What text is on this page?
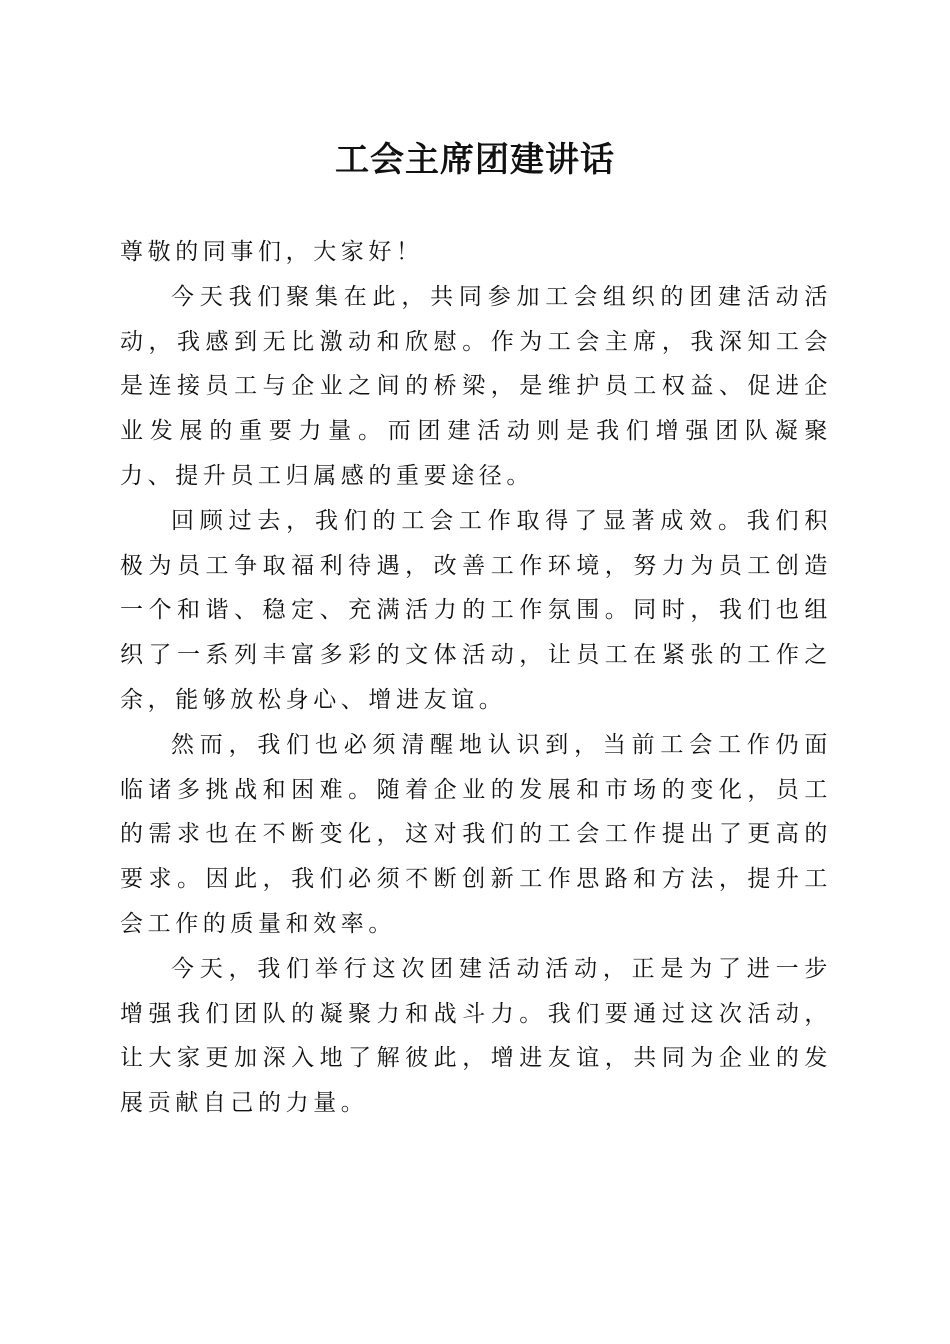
工会主席团建讲话

尊敬的同事们，大家好！

今天我们聚集在此，共同参加工会组织的团建活动活动，我感到无比激动和欣慰。作为工会主席，我深知工会是连接员工与企业之间的桥梁，是维护员工权益、促进企业发展的重要力量。而团建活动则是我们增强团队凝聚力、提升员工归属感的重要途径。

回顾过去，我们的工会工作取得了显著成效。我们积极为员工争取福利待遇，改善工作环境，努力为员工创造一个和谐、稳定、充满活力的工作氛围。同时，我们也组织了一系列丰富多彩的文体活动，让员工在紧张的工作之余，能够放松身心、增进友谊。

然而，我们也必须清醒地认识到，当前工会工作仍面临诸多挑战和困难。随着企业的发展和市场的变化，员工的需求也在不断变化，这对我们的工会工作提出了更高的要求。因此，我们必须不断创新工作思路和方法，提升工会工作的质量和效率。

今天，我们举行这次团建活动活动，正是为了进一步增强我们团队的凝聚力和战斗力。我们要通过这次活动，让大家更加深入地了解彼此，增进友谊，共同为企业的发展贡献自己的力量。
